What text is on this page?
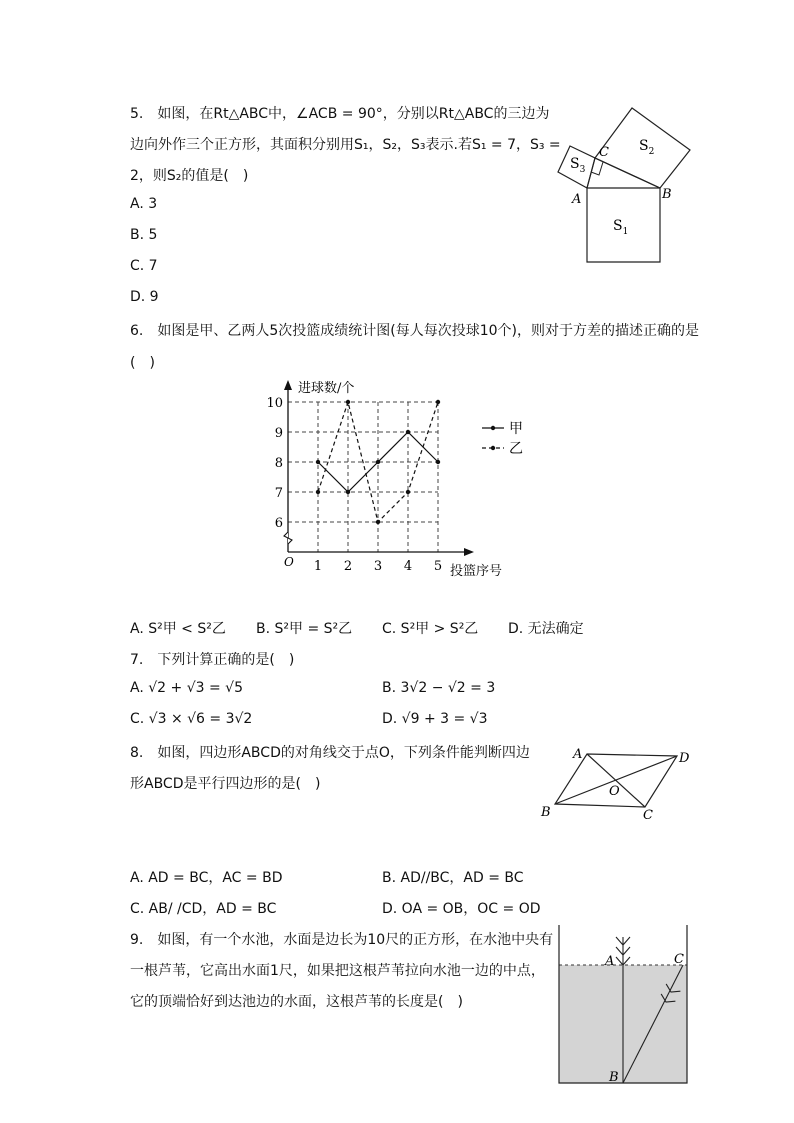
5.　如图，在Rt△ABC中，∠ACB = 90°，分别以Rt△ABC的三边为
边向外作三个正方形，其面积分别用S₁，S₂，S₃表示.若S₁ = 7，S₃ =
2，则S₂的值是(　)
A. 3
B. 5
C. 7
D. 9
A	B
C
$S_1$
$S_2$
$S_3$
6.　如图是甲、乙两人5次投篮成绩统计图(每人每次投球10个)，则对于方差的描述正确的是
(　)
6
7
8
9
10
1 2 3 4 5
甲
乙
进球数/个
投篮序号
O
A. S²甲 < S²乙 B. S²甲 = S²乙 C. S²甲 > S²乙 D. 无法确定
7.　下列计算正确的是(　)
A. √2 + √3 = √5	B. 3√2 − √2 = 3
C. √3 × √6 = 3√2	D. √9 + 3 = √3
8.　如图，四边形ABCD的对角线交于点O，下列条件能判断四边
形ABCD是平行四边形的是(　)
A	D
B	C
O
A. AD = BC，AC = BD	B. AD//BC，AD = BC
C. AB/ /CD，AD = BC	D. OA = OB，OC = OD
9.　如图，有一个水池，水面是边长为10尺的正方形，在水池中央有
一根芦苇，它高出水面1尺，如果把这根芦苇拉向水池一边的中点，
它的顶端恰好到达池边的水面，这根芦苇的长度是(　)
A	C
B
